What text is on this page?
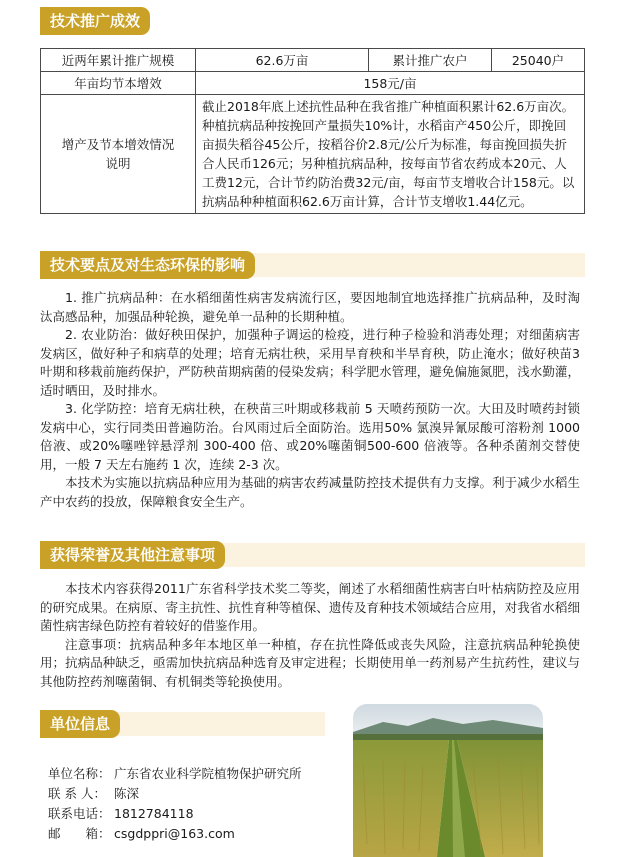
技术推广成效
近两年累计推广规模	62.6万亩	累计推广农户	25040户
年亩均节本增效	158元/亩		
增产及节本增效情况说明	截止2018年底上述抗性品种在我省推广种植面积累计62.6万亩次。种植抗病品种按挽回产量损失10%计，水稻亩产450公斤，即挽回亩损失稻谷45公斤，按稻谷价2.8元/公斤为标准，每亩挽回损失折合人民币126元；另种植抗病品种，按每亩节省农药成本20元、人工费12元，合计节约防治费32元/亩，每亩节支增收合计158元。以抗病品种种植面积62.6万亩计算，合计节支增收1.44亿元。		
技术要点及对生态环保的影响

1. 推广抗病品种：在水稻细菌性病害发病流行区，要因地制宜地选择推广抗病品种，及时淘汰高感品种，加强品种轮换，避免单一品种的长期种植。

2. 农业防治：做好秧田保护，加强种子调运的检疫，进行种子检验和消毒处理；对细菌病害发病区，做好种子和病草的处理；培育无病壮秧，采用旱育秧和半旱育秧，防止淹水；做好秧苗3 叶期和移栽前施药保护，严防秧苗期病菌的侵染发病；科学肥水管理，避免偏施氮肥，浅水勤灌，适时晒田，及时排水。

3. 化学防控：培育无病壮秧，在秧苗三叶期或移栽前 5 天喷药预防一次。大田及时喷药封锁发病中心，实行同类田普遍防治。台风雨过后全面防治。选用50% 氯溴异氰尿酸可溶粉剂 1000 倍液、或20%噻唑锌悬浮剂 300-400 倍、或20%噻菌铜500-600 倍液等。各种杀菌剂交替使用，一般 7 天左右施药 1 次，连续 2-3 次。

本技术为实施以抗病品种应用为基础的病害农药减量防控技术提供有力支撑。利于减少水稻生产中农药的投放，保障粮食安全生产。

获得荣誉及其他注意事项

本技术内容获得2011广东省科学技术奖二等奖，阐述了水稻细菌性病害白叶枯病防控及应用的研究成果。在病原、寄主抗性、抗性育种等植保、遗传及育种技术领域结合应用，对我省水稻细菌性病害绿色防控有着较好的借鉴作用。

注意事项：抗病品种多年本地区单一种植，存在抗性降低或丧失风险，注意抗病品种轮换使用；抗病品种缺乏，亟需加快抗病品种选育及审定进程；长期使用单一药剂易产生抗药性，建议与其他防控药剂噻菌铜、有机铜类等轮换使用。

单位信息
单位名称： 广东省农业科学院植物保护研究所
联 系 人： 陈深
联系电话： 1812784118
邮　　箱： csgdppri@163.com
